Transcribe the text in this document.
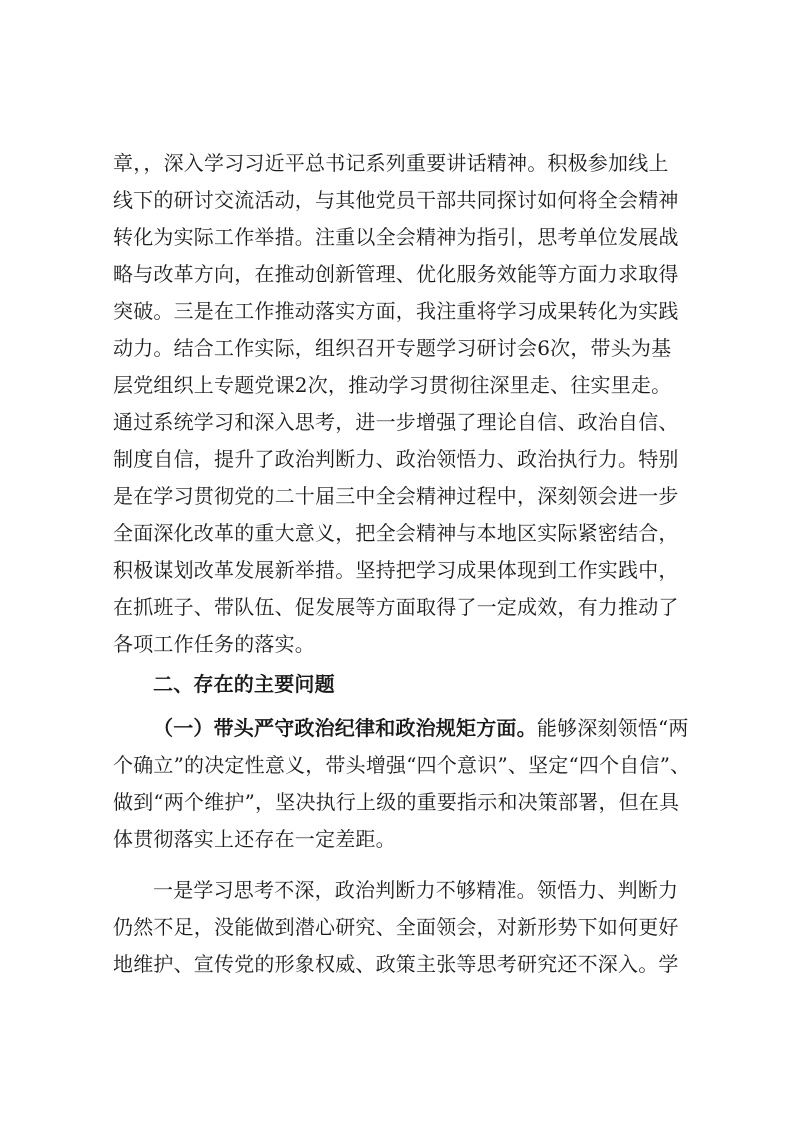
章，，深入学习习近平总书记系列重要讲话精神。积极参加线上
线下的研讨交流活动，与其他党员干部共同探讨如何将全会精神
转化为实际工作举措。注重以全会精神为指引，思考单位发展战
略与改革方向，在推动创新管理、优化服务效能等方面力求取得
突破。三是在工作推动落实方面，我注重将学习成果转化为实践
动力。结合工作实际，组织召开专题学习研讨会6次，带头为基
层党组织上专题党课2次，推动学习贯彻往深里走、往实里走。
通过系统学习和深入思考，进一步增强了理论自信、政治自信、
制度自信，提升了政治判断力、政治领悟力、政治执行力。特别
是在学习贯彻党的二十届三中全会精神过程中，深刻领会进一步
全面深化改革的重大意义，把全会精神与本地区实际紧密结合，
积极谋划改革发展新举措。坚持把学习成果体现到工作实践中，
在抓班子、带队伍、促发展等方面取得了一定成效，有力推动了
各项工作任务的落实。
二、存在的主要问题
（一）带头严守政治纪律和政治规矩方面。能够深刻领悟“两
个确立”的决定性意义，带头增强“四个意识”、坚定“四个自信”、
做到“两个维护”，坚决执行上级的重要指示和决策部署，但在具
体贯彻落实上还存在一定差距。
一是学习思考不深，政治判断力不够精准。领悟力、判断力
仍然不足，没能做到潜心研究、全面领会，对新形势下如何更好
地维护、宣传党的形象权威、政策主张等思考研究还不深入。学
